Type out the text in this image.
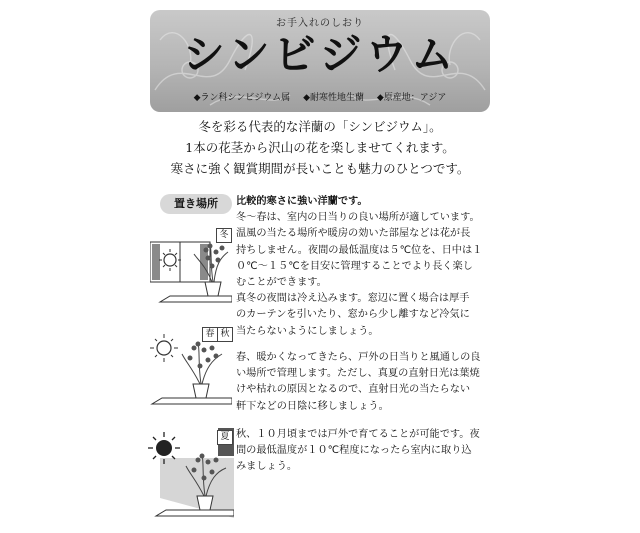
お手入れのしおり
シンビジウム
◆ラン科シンビジウム属 ◆耐寒性地生蘭 ◆原産地：アジア
冬を彩る代表的な洋蘭の「シンビジウム」。
1本の花茎から沢山の花を楽しませてくれます。
寒さに強く観賞期間が長いことも魅力のひとつです。
置き場所
冬
春 秋
夏
比較的寒さに強い洋蘭です。
冬〜春は、室内の日当りの良い場所が適しています。
温風の当たる場所や暖房の効いた部屋などは花が長
持ちしません。夜間の最低温度は５℃位を、日中は１
０℃〜１５℃を目安に管理することでより長く楽し
むことができます。
真冬の夜間は冷え込みます。窓辺に置く場合は厚手
のカーテンを引いたり、窓から少し離すなど冷気に
当たらないようにしましょう。
春、暖かくなってきたら、戸外の日当りと風通しの良
い場所で管理します。ただし、真夏の直射日光は葉焼
けや枯れの原因となるので、直射日光の当たらない
軒下などの日陰に移しましょう。
秋、１０月頃までは戸外で育てることが可能です。夜
間の最低温度が１０℃程度になったら室内に取り込
みましょう。
